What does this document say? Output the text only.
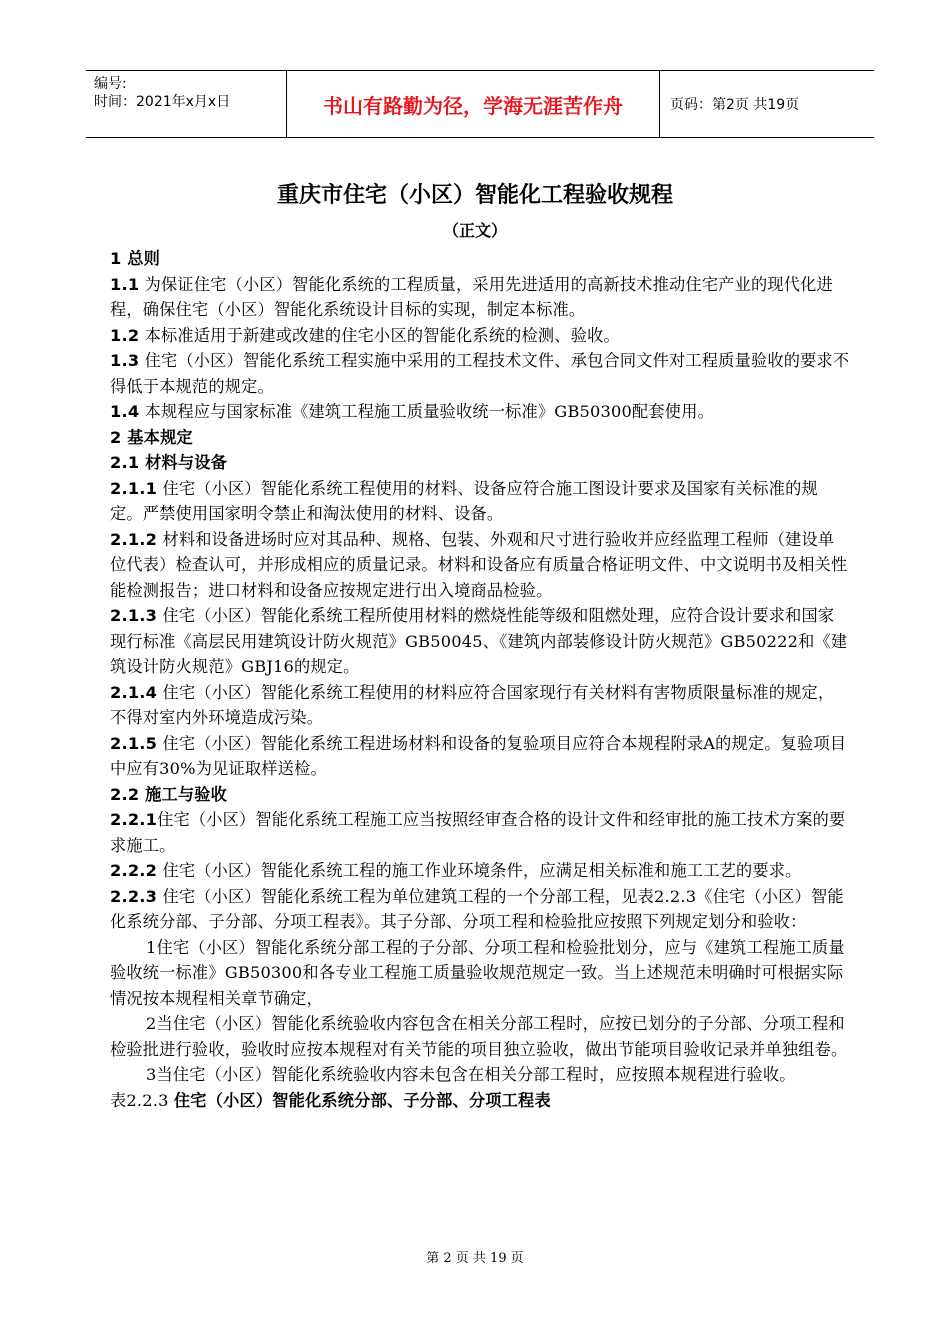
编号:
时间：2021年x月x日	书山有路勤为径，学海无涯苦作舟	页码：第2页 共19页
重庆市住宅（小区）智能化工程验收规程
（正文）

1 总则

1.1 为保证住宅（小区）智能化系统的工程质量，采用先进适用的高新技术推动住宅产业的现代化进程，确保住宅（小区）智能化系统设计目标的实现，制定本标准。

1.2 本标准适用于新建或改建的住宅小区的智能化系统的检测、验收。

1.3 住宅（小区）智能化系统工程实施中采用的工程技术文件、承包合同文件对工程质量验收的要求不得低于本规范的规定。

1.4 本规程应与国家标准《建筑工程施工质量验收统一标准》GB50300配套使用。

2 基本规定

2.1 材料与设备

2.1.1 住宅（小区）智能化系统工程使用的材料、设备应符合施工图设计要求及国家有关标准的规定。严禁使用国家明令禁止和淘汰使用的材料、设备。

2.1.2 材料和设备进场时应对其品种、规格、包装、外观和尺寸进行验收并应经监理工程师（建设单位代表）检查认可，并形成相应的质量记录。材料和设备应有质量合格证明文件、中文说明书及相关性能检测报告；进口材料和设备应按规定进行出入境商品检验。

2.1.3 住宅（小区）智能化系统工程所使用材料的燃烧性能等级和阻燃处理，应符合设计要求和国家现行标准《高层民用建筑设计防火规范》GB50045、《建筑内部装修设计防火规范》GB50222和《建筑设计防火规范》GBJ16的规定。

2.1.4 住宅（小区）智能化系统工程使用的材料应符合国家现行有关材料有害物质限量标准的规定，不得对室内外环境造成污染。

2.1.5 住宅（小区）智能化系统工程进场材料和设备的复验项目应符合本规程附录A的规定。复验项目中应有30%为见证取样送检。

2.2 施工与验收

2.2.1住宅（小区）智能化系统工程施工应当按照经审查合格的设计文件和经审批的施工技术方案的要求施工。

2.2.2 住宅（小区）智能化系统工程的施工作业环境条件，应满足相关标准和施工工艺的要求。

2.2.3 住宅（小区）智能化系统工程为单位建筑工程的一个分部工程，见表2.2.3《住宅（小区）智能化系统分部、子分部、分项工程表》。其子分部、分项工程和检验批应按照下列规定划分和验收：

1住宅（小区）智能化系统分部工程的子分部、分项工程和检验批划分，应与《建筑工程施工质量验收统一标准》GB50300和各专业工程施工质量验收规范规定一致。当上述规范未明确时可根据实际情况按本规程相关章节确定，

2当住宅（小区）智能化系统验收内容包含在相关分部工程时，应按已划分的子分部、分项工程和检验批进行验收，验收时应按本规程对有关节能的项目独立验收，做出节能项目验收记录并单独组卷。

3当住宅（小区）智能化系统验收内容未包含在相关分部工程时，应按照本规程进行验收。

表2.2.3 住宅（小区）智能化系统分部、子分部、分项工程表

第 2 页 共 19 页
